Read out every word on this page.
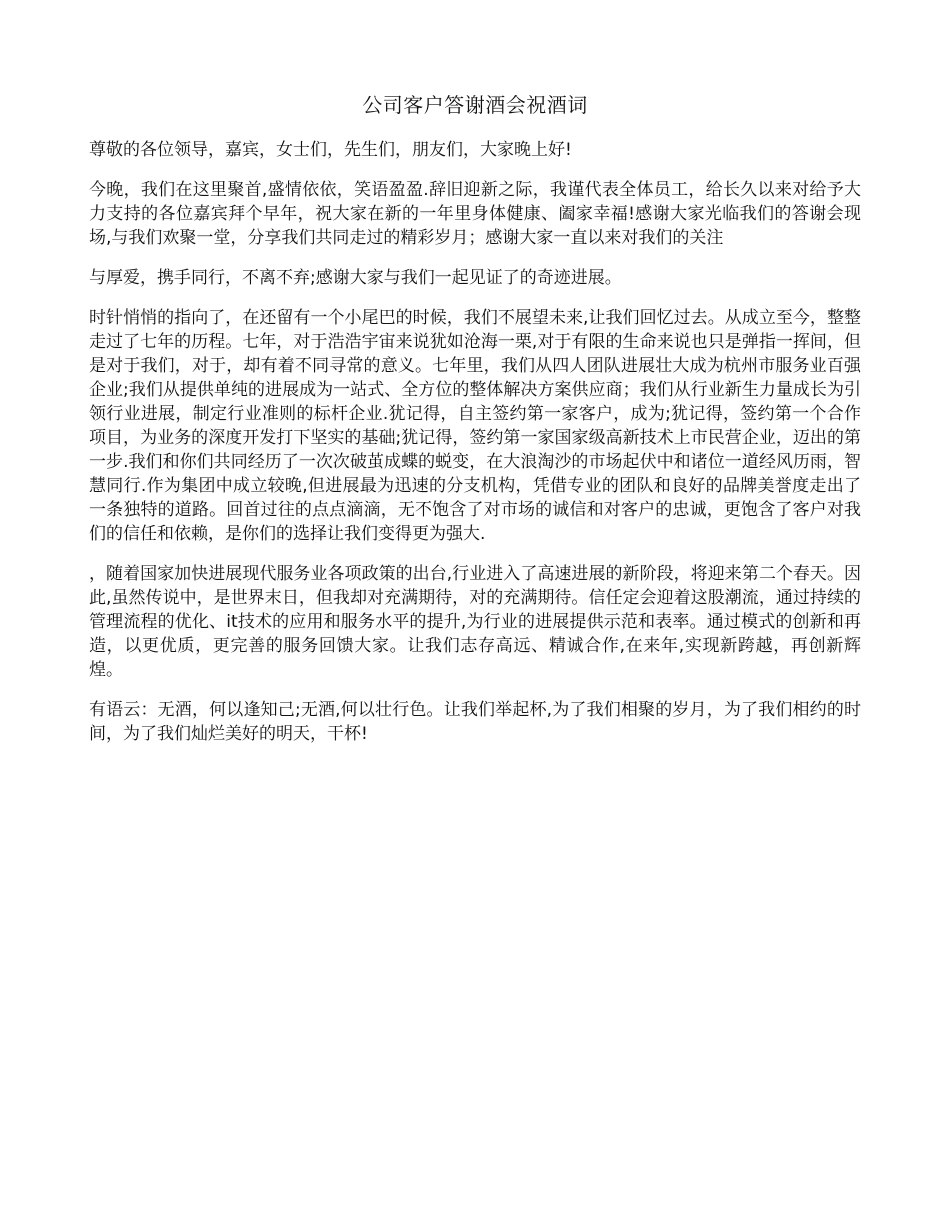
公司客户答谢酒会祝酒词

尊敬的各位领导，嘉宾，女士们，先生们，朋友们，大家晚上好!

今晚，我们在这里聚首,盛情依依，笑语盈盈.辞旧迎新之际，我谨代表全体员工，给长久以来对给予大力支持的各位嘉宾拜个早年，祝大家在新的一年里身体健康、阖家幸福!感谢大家光临我们的答谢会现场,与我们欢聚一堂，分享我们共同走过的精彩岁月；感谢大家一直以来对我们的关注

与厚爱，携手同行，不离不弃;感谢大家与我们一起见证了的奇迹进展。

时针悄悄的指向了，在还留有一个小尾巴的时候，我们不展望未来,让我们回忆过去。从成立至今，整整走过了七年的历程。七年，对于浩浩宇宙来说犹如沧海一栗,对于有限的生命来说也只是弹指一挥间，但是对于我们，对于，却有着不同寻常的意义。七年里，我们从四人团队进展壮大成为杭州市服务业百强企业;我们从提供单纯的进展成为一站式、全方位的整体解决方案供应商；我们从行业新生力量成长为引领行业进展，制定行业准则的标杆企业.犹记得，自主签约第一家客户，成为;犹记得，签约第一个合作项目，为业务的深度开发打下坚实的基础;犹记得，签约第一家国家级高新技术上市民营企业，迈出的第一步.我们和你们共同经历了一次次破茧成蝶的蜕变，在大浪淘沙的市场起伏中和诸位一道经风历雨，智慧同行.作为集团中成立较晚,但进展最为迅速的分支机构，凭借专业的团队和良好的品牌美誉度走出了一条独特的道路。回首过往的点点滴滴，无不饱含了对市场的诚信和对客户的忠诚，更饱含了客户对我们的信任和依赖，是你们的选择让我们变得更为强大.

，随着国家加快进展现代服务业各项政策的出台,行业进入了高速进展的新阶段，将迎来第二个春天。因此,虽然传说中，是世界末日，但我却对充满期待，对的充满期待。信任定会迎着这股潮流，通过持续的管理流程的优化、it技术的应用和服务水平的提升,为行业的进展提供示范和表率。通过模式的创新和再造，以更优质，更完善的服务回馈大家。让我们志存高远、精诚合作,在来年,实现新跨越，再创新辉煌。

有语云：无酒，何以逢知己;无酒,何以壮行色。让我们举起杯,为了我们相聚的岁月，为了我们相约的时间，为了我们灿烂美好的明天，干杯!
